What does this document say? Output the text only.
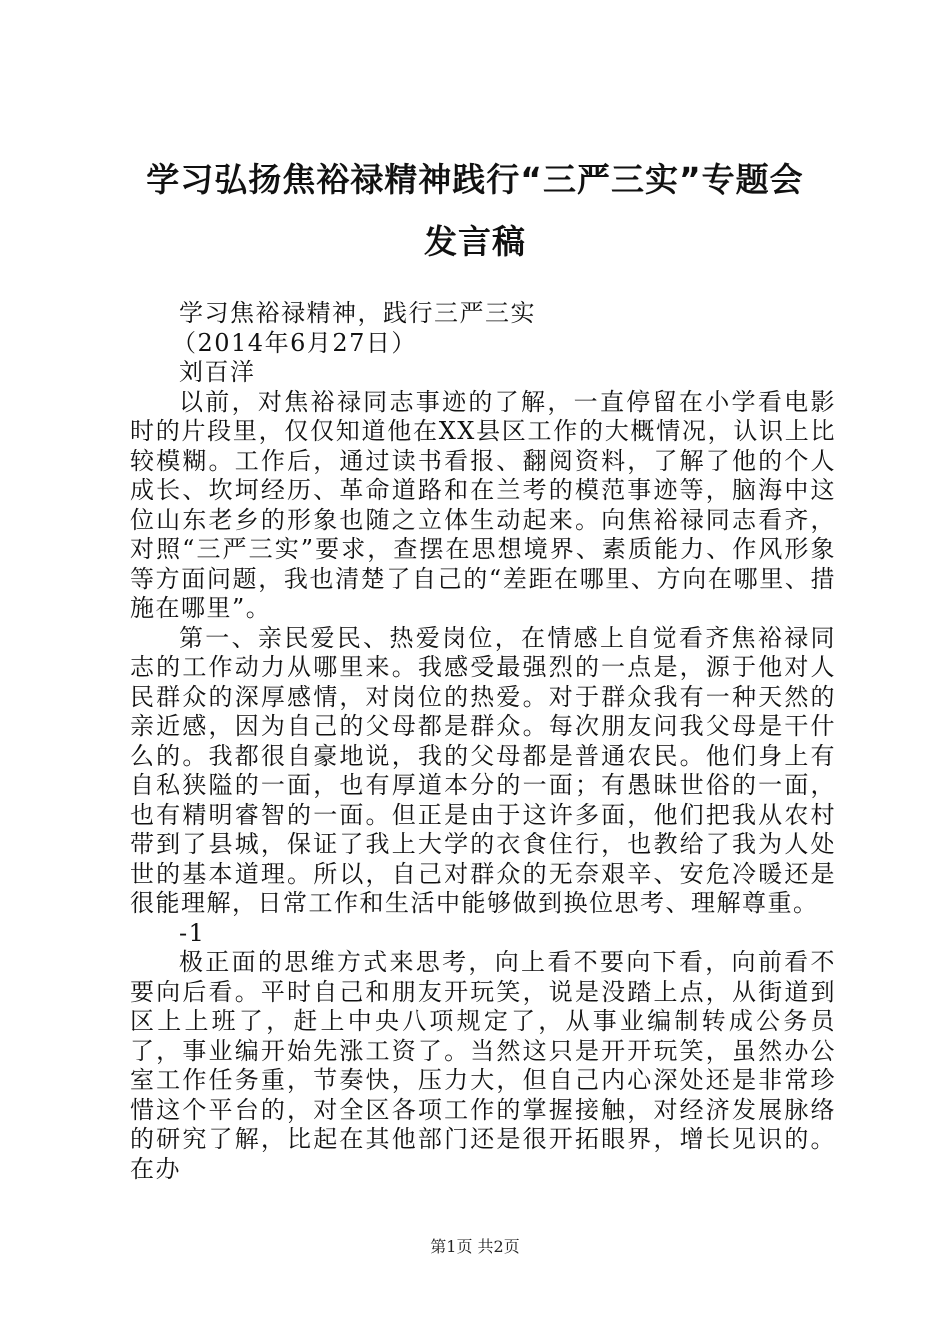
学习弘扬焦裕禄精神践行“三严三实”专题会
发言稿

学习焦裕禄精神，践行三严三实

（2014年6月27日）

刘百洋

以前，对焦裕禄同志事迹的了解，一直停留在小学看电影时的片段里，仅仅知道他在XX县区工作的大概情况，认识上比较模糊。工作后，通过读书看报、翻阅资料，了解了他的个人成长、坎坷经历、革命道路和在兰考的模范事迹等，脑海中这位山东老乡的形象也随之立体生动起来。向焦裕禄同志看齐，对照“三严三实”要求，查摆在思想境界、素质能力、作风形象等方面问题，我也清楚了自己的“差距在哪里、方向在哪里、措施在哪里”。

第一、亲民爱民、热爱岗位，在情感上自觉看齐焦裕禄同志的工作动力从哪里来。我感受最强烈的一点是，源于他对人民群众的深厚感情，对岗位的热爱。对于群众我有一种天然的亲近感，因为自己的父母都是群众。每次朋友问我父母是干什么的。我都很自豪地说，我的父母都是普通农民。他们身上有自私狭隘的一面，也有厚道本分的一面；有愚昧世俗的一面，也有精明睿智的一面。但正是由于这许多面，他们把我从农村带到了县城，保证了我上大学的衣食住行，也教给了我为人处世的基本道理。所以，自己对群众的无奈艰辛、安危冷暖还是很能理解，日常工作和生活中能够做到换位思考、理解尊重。

-1

极正面的思维方式来思考，向上看不要向下看，向前看不要向后看。平时自己和朋友开玩笑，说是没踏上点，从街道到区上上班了，赶上中央八项规定了，从事业编制转成公务员了，事业编开始先涨工资了。当然这只是开开玩笑，虽然办公室工作任务重，节奏快，压力大，但自己内心深处还是非常珍惜这个平台的，对全区各项工作的掌握接触，对经济发展脉络的研究了解，比起在其他部门还是很开拓眼界，增长见识的。在办

第1页 共2页
